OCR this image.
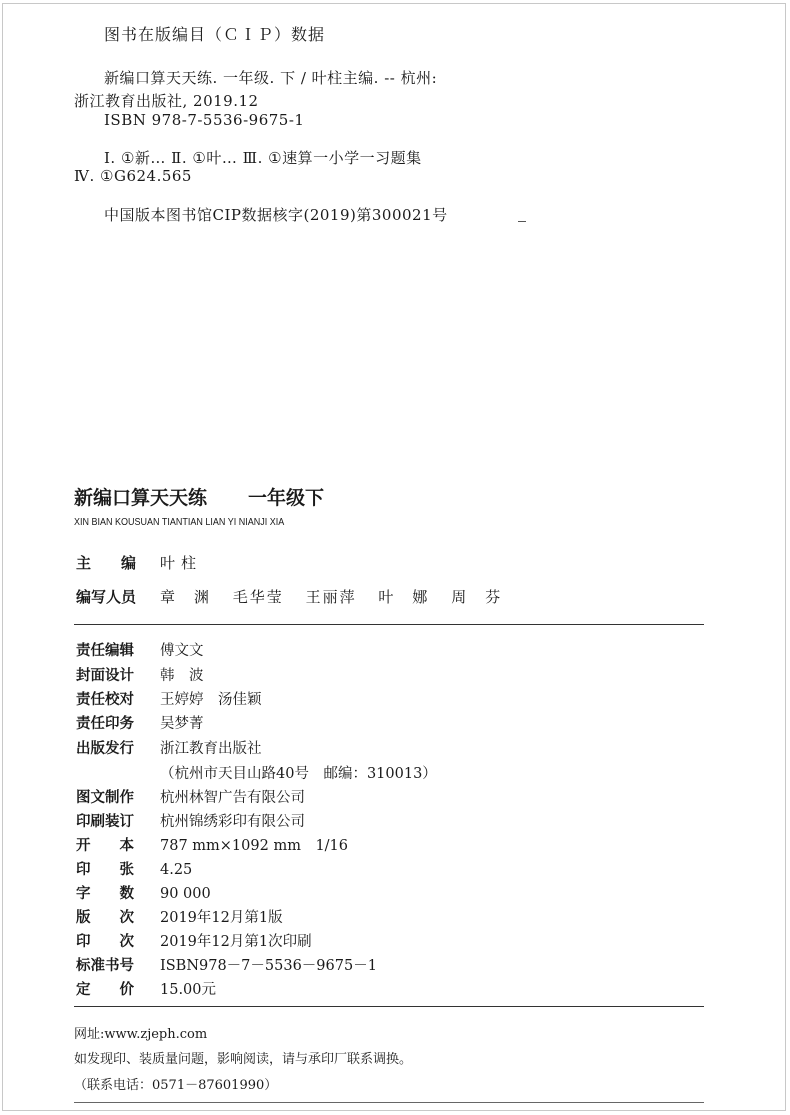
图书在版编目（ＣＩＰ）数据
新编口算天天练. 一年级. 下 / 叶柱主编. -- 杭州:
浙江教育出版社, 2019.12
ISBN 978-7-5536-9675-1
Ⅰ. ①新… Ⅱ. ①叶… Ⅲ. ①速算一小学一习题集
Ⅳ. ①G624.565
中国版本图书馆CIP数据核字(2019)第300021号
新编口算天天练 一年级下
XIN BIAN KOUSUAN TIANTIAN LIAN YI NIANJI XIA
主　　编 叶柱
编写人员 章　渊 毛华莹 王丽萍 叶　娜 周　芬
责任编辑 傅文文
封面设计 韩　波
责任校对 王婷婷　汤佳颖
责任印务 吴梦菁
出版发行 浙江教育出版社
（杭州市天目山路40号　邮编：310013）
图文制作 杭州林智广告有限公司
印刷装订 杭州锦绣彩印有限公司
开　　本 787 mm×1092 mm　1/16
印　　张 4.25
字　　数 90 000
版　　次 2019年12月第1版
印　　次 2019年12月第1次印刷
标准书号 ISBN978－7－5536－9675－1
定　　价 15.00元
网址:www.zjeph.com
如发现印、装质量问题，影响阅读，请与承印厂联系调换。
（联系电话：0571－87601990）
